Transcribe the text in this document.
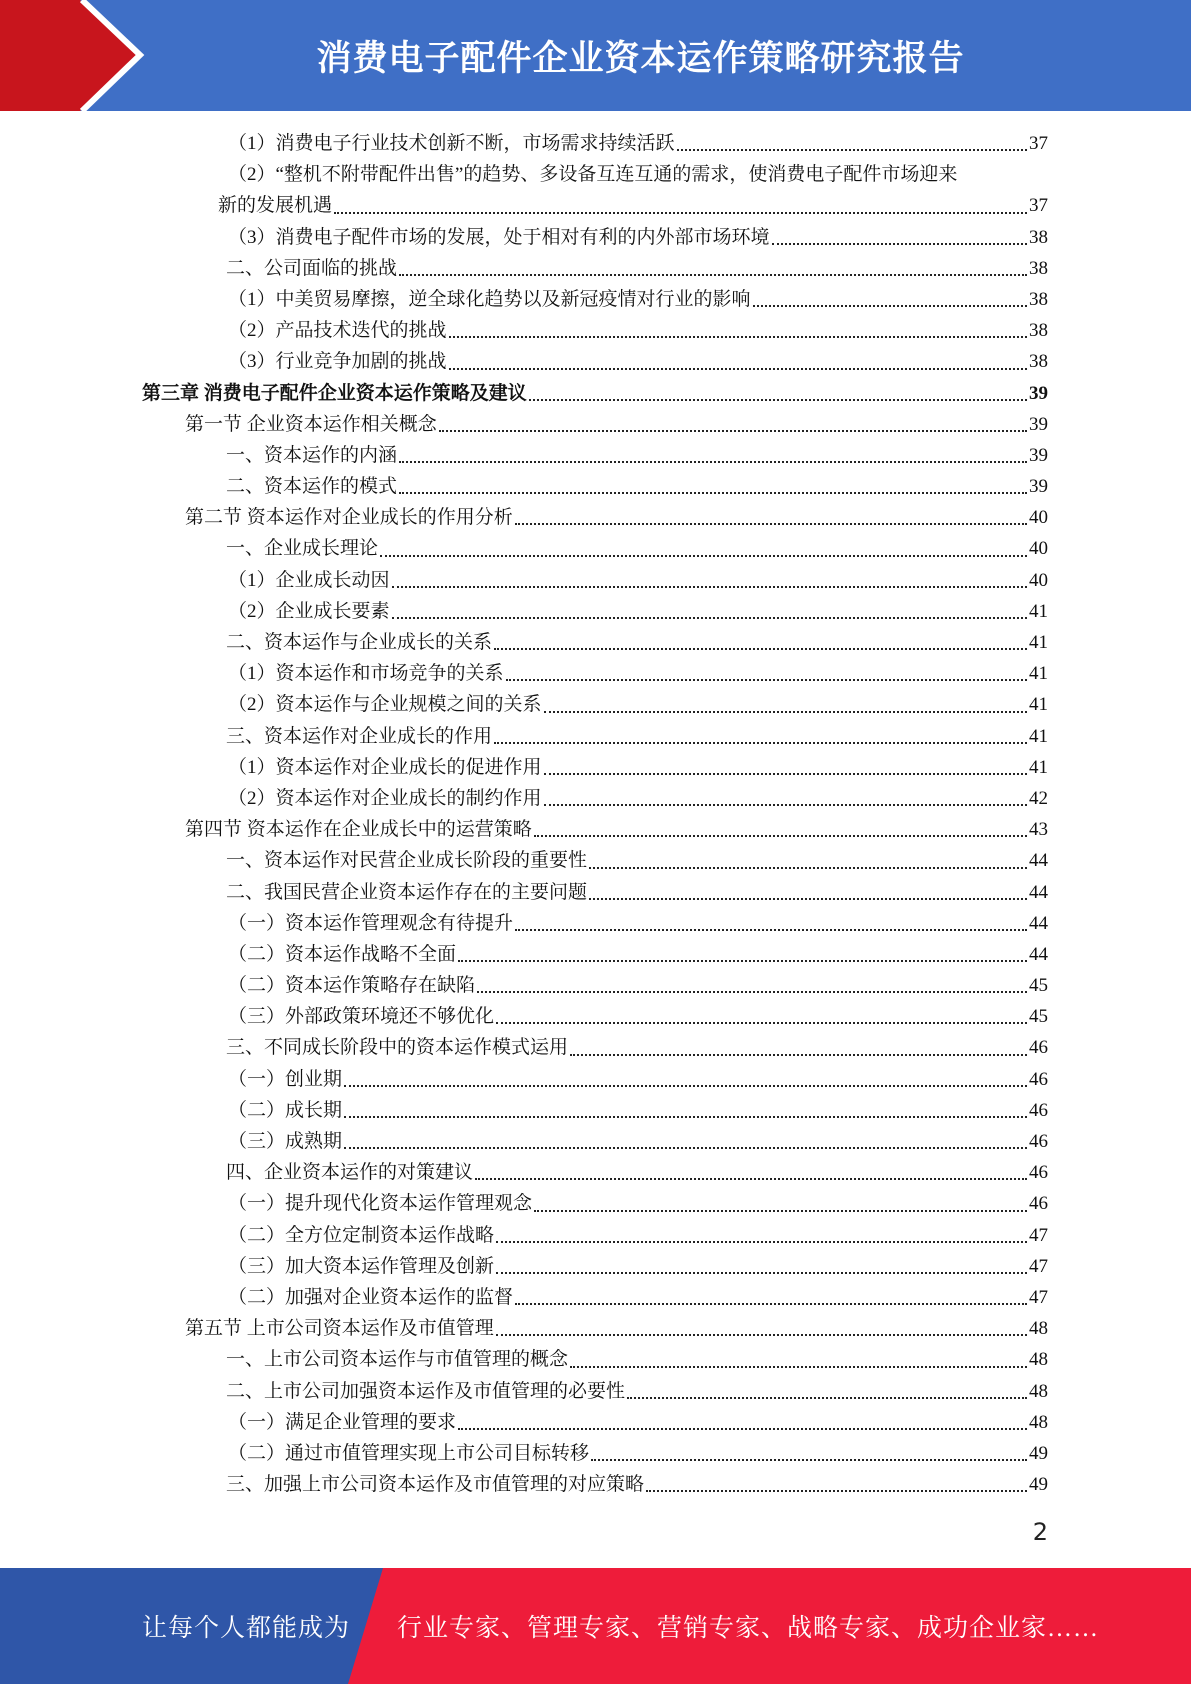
消费电子配件企业资本运作策略研究报告
（1）消费电子行业技术创新不断，市场需求持续活跃	37
（2）“整机不附带配件出售”的趋势、多设备互连互通的需求，使消费电子配件市场迎来
新的发展机遇	37
（3）消费电子配件市场的发展，处于相对有利的内外部市场环境	38
二、公司面临的挑战	38
（1）中美贸易摩擦，逆全球化趋势以及新冠疫情对行业的影响	38
（2）产品技术迭代的挑战	38
（3）行业竞争加剧的挑战	38
第三章 消费电子配件企业资本运作策略及建议	39
第一节 企业资本运作相关概念	39
一、资本运作的内涵	39
二、资本运作的模式	39
第二节 资本运作对企业成长的作用分析	40
一、企业成长理论	40
（1）企业成长动因	40
（2）企业成长要素	41
二、资本运作与企业成长的关系	41
（1）资本运作和市场竞争的关系	41
（2）资本运作与企业规模之间的关系	41
三、资本运作对企业成长的作用	41
（1）资本运作对企业成长的促进作用	41
（2）资本运作对企业成长的制约作用	42
第四节 资本运作在企业成长中的运营策略	43
一、资本运作对民营企业成长阶段的重要性	44
二、我国民营企业资本运作存在的主要问题	44
（一）资本运作管理观念有待提升	44
（二）资本运作战略不全面	44
（二）资本运作策略存在缺陷	45
（三）外部政策环境还不够优化	45
三、不同成长阶段中的资本运作模式运用	46
（一）创业期	46
（二）成长期	46
（三）成熟期	46
四、企业资本运作的对策建议	46
（一）提升现代化资本运作管理观念	46
（二）全方位定制资本运作战略	47
（三）加大资本运作管理及创新	47
（二）加强对企业资本运作的监督	47
第五节 上市公司资本运作及市值管理	48
一、上市公司资本运作与市值管理的概念	48
二、上市公司加强资本运作及市值管理的必要性	48
（一）满足企业管理的要求	48
（二）通过市值管理实现上市公司目标转移	49
三、加强上市公司资本运作及市值管理的对应策略	49
2
让每个人都能成为 行业专家、管理专家、营销专家、战略专家、成功企业家……
